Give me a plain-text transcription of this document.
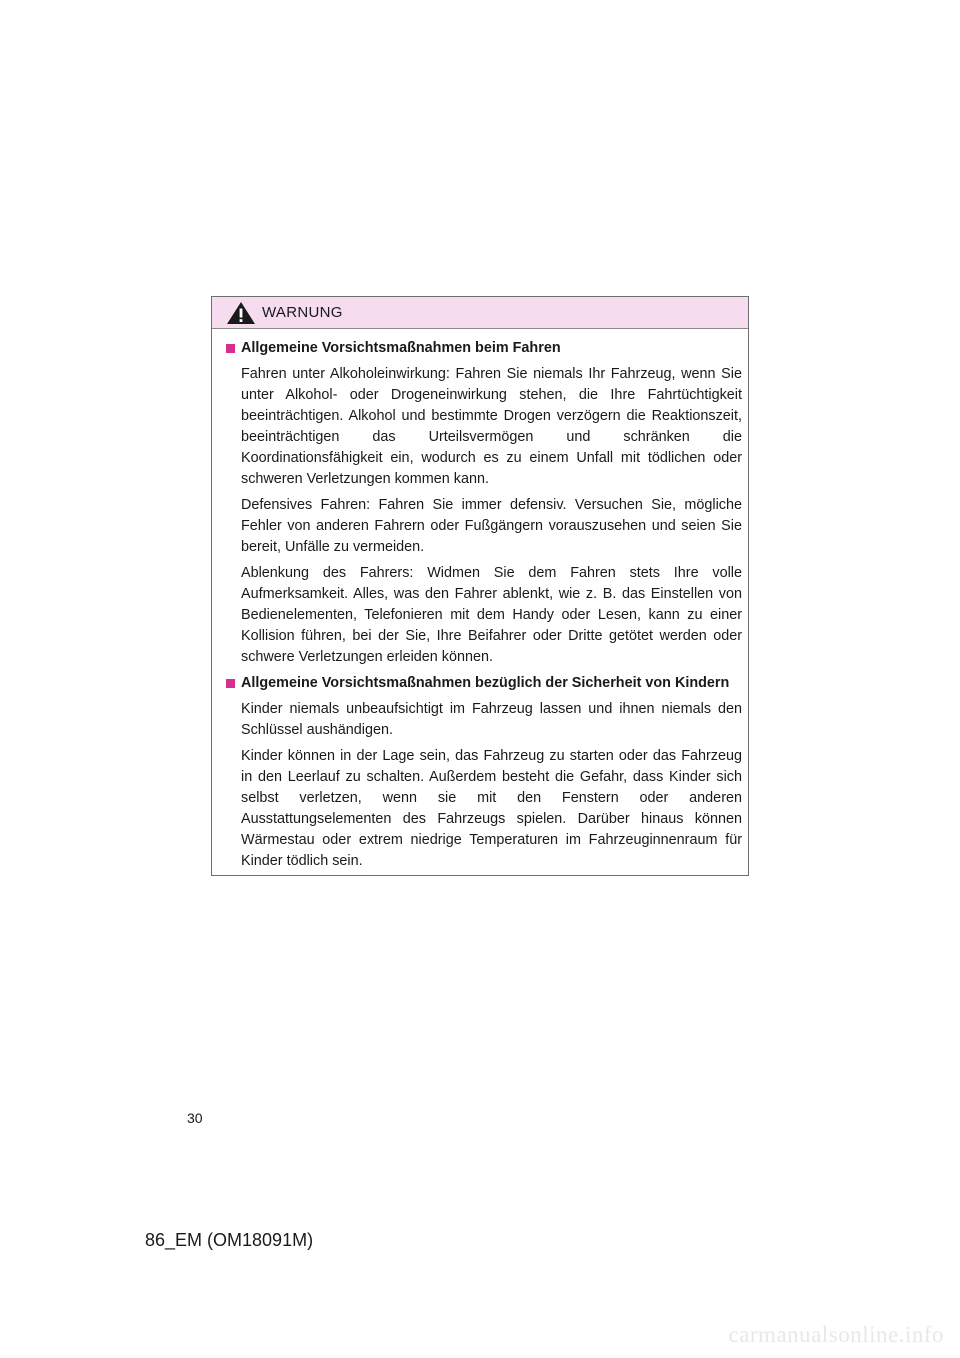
WARNUNG
Allgemeine Vorsichtsmaßnahmen beim Fahren

Fahren unter Alkoholeinwirkung: Fahren Sie niemals Ihr Fahrzeug, wenn Sie unter Alkohol- oder Drogeneinwirkung stehen, die Ihre Fahrtüchtigkeit beeinträchtigen. Alkohol und bestimmte Drogen verzögern die Reaktionszeit, beeinträchtigen das Urteilsvermögen und schränken die Koordinationsfähigkeit ein, wodurch es zu einem Unfall mit tödlichen oder schweren Verletzungen kommen kann.

Defensives Fahren: Fahren Sie immer defensiv. Versuchen Sie, mögliche Fehler von anderen Fahrern oder Fußgängern vorauszusehen und seien Sie bereit, Unfälle zu vermeiden.

Ablenkung des Fahrers: Widmen Sie dem Fahren stets Ihre volle Aufmerksamkeit. Alles, was den Fahrer ablenkt, wie z. B. das Einstellen von Bedienelementen, Telefonieren mit dem Handy oder Lesen, kann zu einer Kollision führen, bei der Sie, Ihre Beifahrer oder Dritte getötet werden oder schwere Verletzungen erleiden können.

Allgemeine Vorsichtsmaßnahmen bezüglich der Sicherheit von Kindern

Kinder niemals unbeaufsichtigt im Fahrzeug lassen und ihnen niemals den Schlüssel aushändigen.

Kinder können in der Lage sein, das Fahrzeug zu starten oder das Fahrzeug in den Leerlauf zu schalten. Außerdem besteht die Gefahr, dass Kinder sich selbst verletzen, wenn sie mit den Fenstern oder anderen Ausstattungselementen des Fahrzeugs spielen. Darüber hinaus können Wärmestau oder extrem niedrige Temperaturen im Fahrzeuginnenraum für Kinder tödlich sein.

30
86_EM (OM18091M)
carmanualsonline.info
